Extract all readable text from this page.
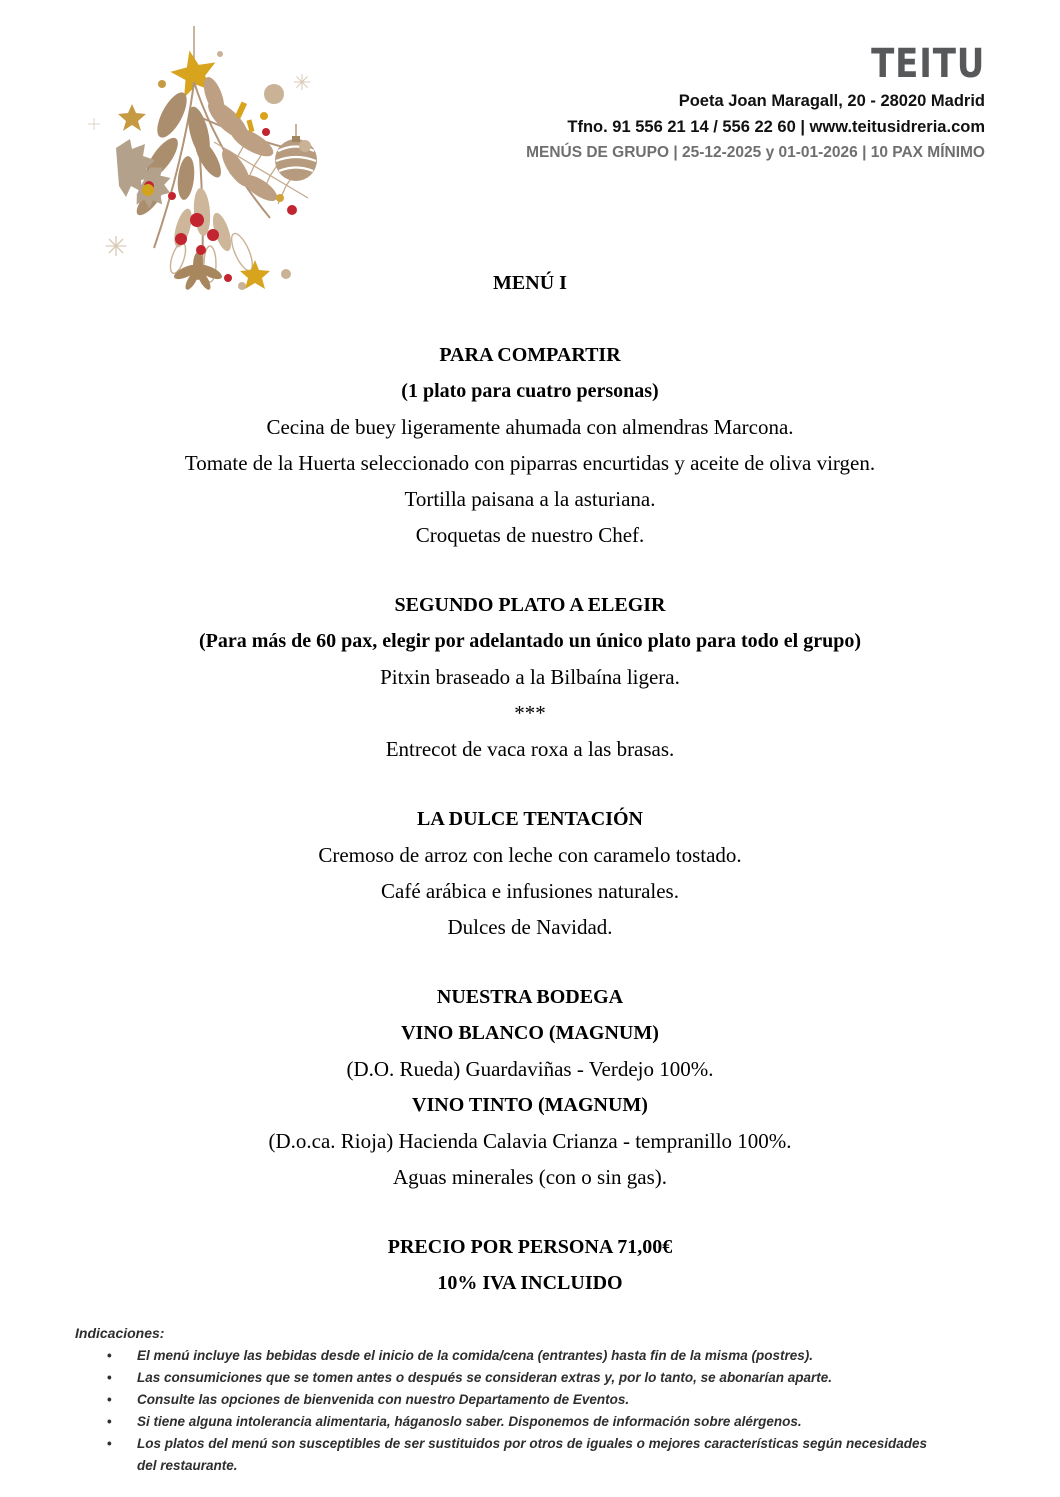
TEITU
Poeta Joan Maragall, 20 - 28020 Madrid
Tfno. 91 556 21 14 / 556 22 60 | www.teitusidreria.com
MENÚS DE GRUPO | 25-12-2025 y 01-01-2026 | 10 PAX MÍNIMO
MENÚ I
PARA COMPARTIR
(1 plato para cuatro personas)
Cecina de buey ligeramente ahumada con almendras Marcona.
Tomate de la Huerta seleccionado con piparras encurtidas y aceite de oliva virgen.
Tortilla paisana a la asturiana.
Croquetas de nuestro Chef.
SEGUNDO PLATO A ELEGIR
(Para más de 60 pax, elegir por adelantado un único plato para todo el grupo)
Pitxin braseado a la Bilbaína ligera.
***
Entrecot de vaca roxa a las brasas.
LA DULCE TENTACIÓN
Cremoso de arroz con leche con caramelo tostado.
Café arábica e infusiones naturales.
Dulces de Navidad.
NUESTRA BODEGA
VINO BLANCO (MAGNUM)
(D.O. Rueda) Guardaviñas - Verdejo 100%.
VINO TINTO (MAGNUM)
(D.o.ca. Rioja) Hacienda Calavia Crianza - tempranillo 100%.
Aguas minerales (con o sin gas).
PRECIO POR PERSONA 71,00€
10% IVA INCLUIDO
Indicaciones:
•	El menú incluye las bebidas desde el inicio de la comida/cena (entrantes) hasta fin de la misma (postres).
•	Las consumiciones que se tomen antes o después se consideran extras y, por lo tanto, se abonarían aparte.
•	Consulte las opciones de bienvenida con nuestro Departamento de Eventos.
•	Si tiene alguna intolerancia alimentaria, háganoslo saber. Disponemos de información sobre alérgenos.
•	Los platos del menú son susceptibles de ser sustituidos por otros de iguales o mejores características según necesidades del restaurante.
